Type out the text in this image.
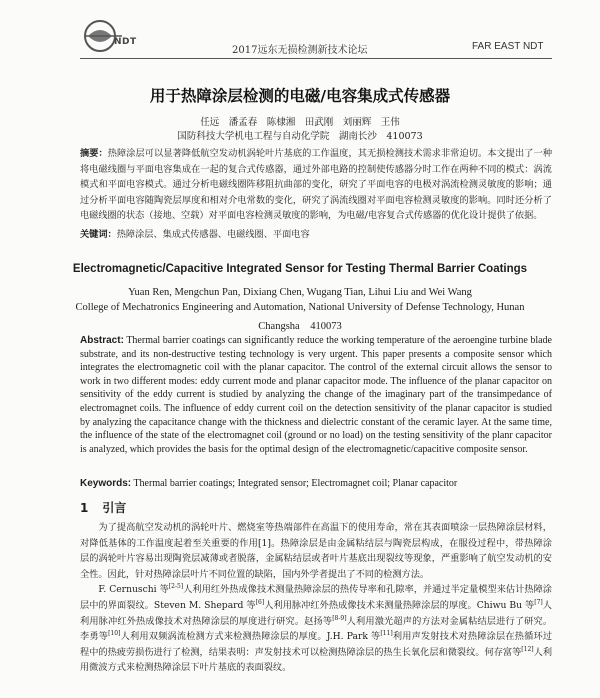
NDT
2017远东无损检测新技术论坛	FAR EAST NDT
用于热障涂层检测的电磁/电容集成式传感器
任远　潘孟春　陈棣湘　田武刚　刘丽辉　王伟
国防科技大学机电工程与自动化学院　湖南长沙　410073

摘要：热障涂层可以显著降低航空发动机涡轮叶片基底的工作温度，其无损检测技术需求非常迫切。本文提出了一种将电磁线圈与平面电容集成在一起的复合式传感器，通过外部电路的控制使传感器分时工作在两种不同的模式：涡流模式和平面电容模式。通过分析电磁线圈阵移阻抗曲部的变化，研究了平面电容的电极对涡流检测灵敏度的影响；通过分析平面电容随陶瓷层厚度和相对介电常数的变化，研究了涡流线圈对平面电容检测灵敏度的影响。同时还分析了电磁线圈的状态（接地、空载）对平面电容检测灵敏度的影响，为电磁/电容复合式传感器的优化设计提供了依据。

关键词：热障涂层、集成式传感器、电磁线圈、平面电容

Electromagnetic/Capacitive Integrated Sensor for Testing Thermal Barrier Coatings
Yuan Ren, Mengchun Pan, Dixiang Chen, Wugang Tian, Lihui Liu and Wei Wang

College of Mechatronics Engineering and Automation, National University of Defense Technology, Hunan

Changsha　410073

Abstract: Thermal barrier coatings can significantly reduce the working temperature of the aeroengine turbine blade substrate, and its non-destructive testing technology is very urgent. This paper presents a composite sensor which integrates the electromagnetic coil with the planar capacitor. The control of the external circuit allows the sensor to work in two different modes: eddy current mode and planar capacitor mode. The influence of the planar capacitor on sensitivity of the eddy current is studied by analyzing the change of the imaginary part of the transimpedance of electromagnet coils. The influence of eddy current coil on the detection sensitivity of the planar capacitor is studied by analyzing the capacitance change with the thickness and dielectric constant of the ceramic layer. At the same time, the influence of the state of the electromagnet coil (ground or no load) on the testing sensitivity of the planr capacitor is analyzed, which provides the basis for the optimal design of the electromagnetic/capacitive composite sensor.

Keywords: Thermal barrier coatings; Integrated sensor; Electromagnet coil; Planar capacitor

1 引言

为了提高航空发动机的涡轮叶片、燃烧室等热端部件在高温下的使用寿命，常在其表面喷涂一层热障涂层材料，对降低基体的工作温度起着至关重要的作用[1]。热障涂层是由金属粘结层与陶瓷层构成，在服役过程中，带热障涂层的涡轮叶片容易出现陶瓷层减薄或者脱落，金属粘结层或者叶片基底出现裂纹等现象，严重影响了航空发动机的安全性。因此，针对热障涂层叶片不同位置的缺陷，国内外学者提出了不同的检测方法。

F. Cernuschi 等[2-5]人利用红外热成像技术测量热障涂层的热传导率和孔隙率，并通过半定量模型来估计热障涂层中的界面裂纹。Steven M. Shepard 等[6]人利用脉冲红外热成像技术来测量热障涂层的厚度。Chiwu Bu 等[7]人利用脉冲红外热成像技术对热障涂层的厚度进行研究。赵扬等[8-9]人利用激光超声的方法对金属粘结层进行了研究。李勇等[10]人利用双频涡流检测方式来检测热障涂层的厚度。J.H. Park 等[11]利用声发射技术对热障涂层在热循环过程中的热疲劳损伤进行了检测，结果表明：声发射技术可以检测热障涂层的热生长氧化层和微裂纹。何存富等[12]人利用微波方式来检测热障涂层下叶片基底的表面裂纹。
